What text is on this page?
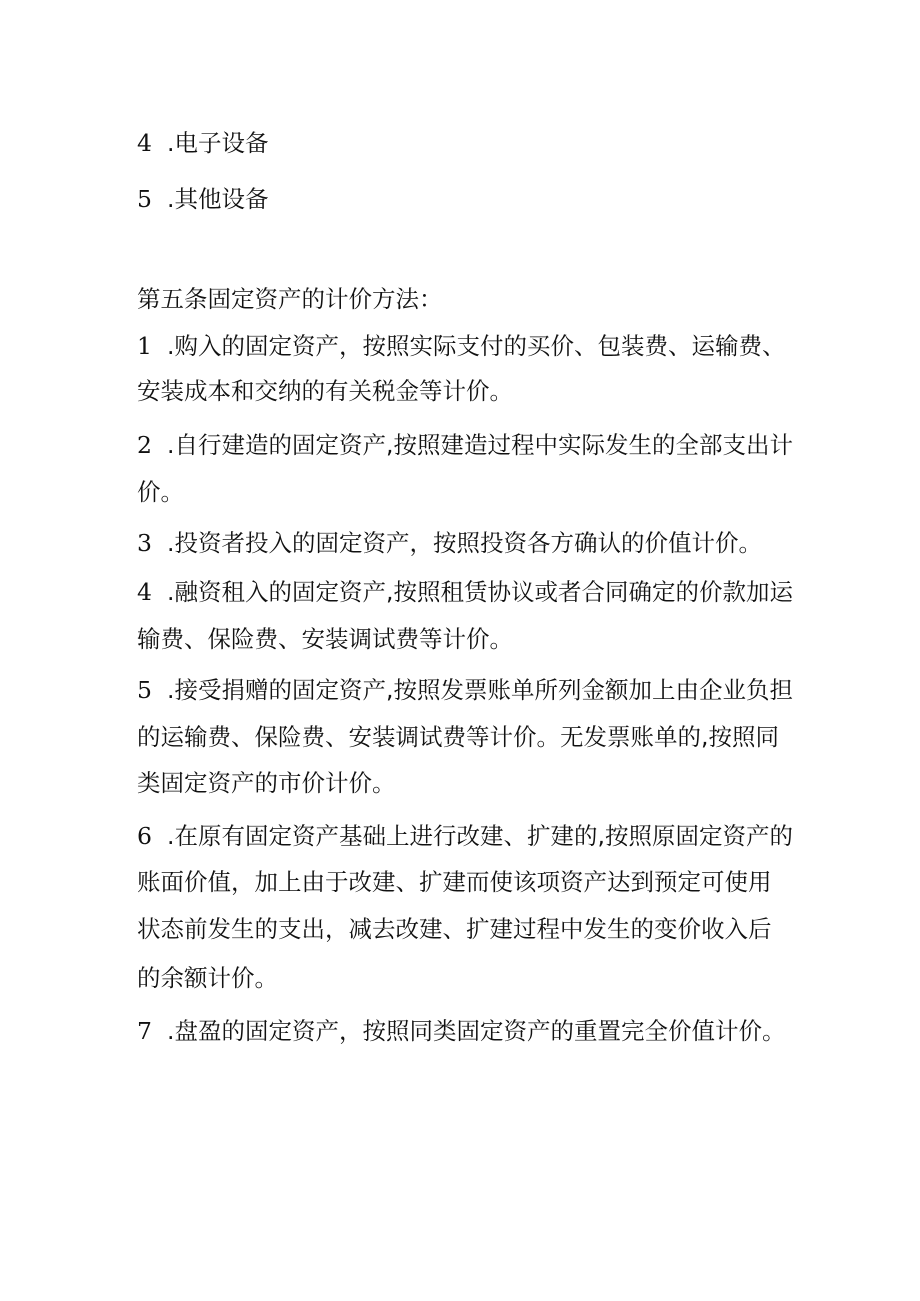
4 .电子设备
5 .其他设备
第五条固定资产的计价方法：
1 .购入的固定资产，按照实际支付的买价、包装费、运输费、
安装成本和交纳的有关税金等计价。
2 .自行建造的固定资产,按照建造过程中实际发生的全部支出计
价。
3 .投资者投入的固定资产，按照投资各方确认的价值计价。
4 .融资租入的固定资产,按照租赁协议或者合同确定的价款加运
输费、保险费、安装调试费等计价。
5 .接受捐赠的固定资产,按照发票账单所列金额加上由企业负担
的运输费、保险费、安装调试费等计价。无发票账单的,按照同
类固定资产的市价计价。
6 .在原有固定资产基础上进行改建、扩建的,按照原固定资产的
账面价值，加上由于改建、扩建而使该项资产达到预定可使用
状态前发生的支出，减去改建、扩建过程中发生的变价收入后
的余额计价。
7 .盘盈的固定资产，按照同类固定资产的重置完全价值计价。
